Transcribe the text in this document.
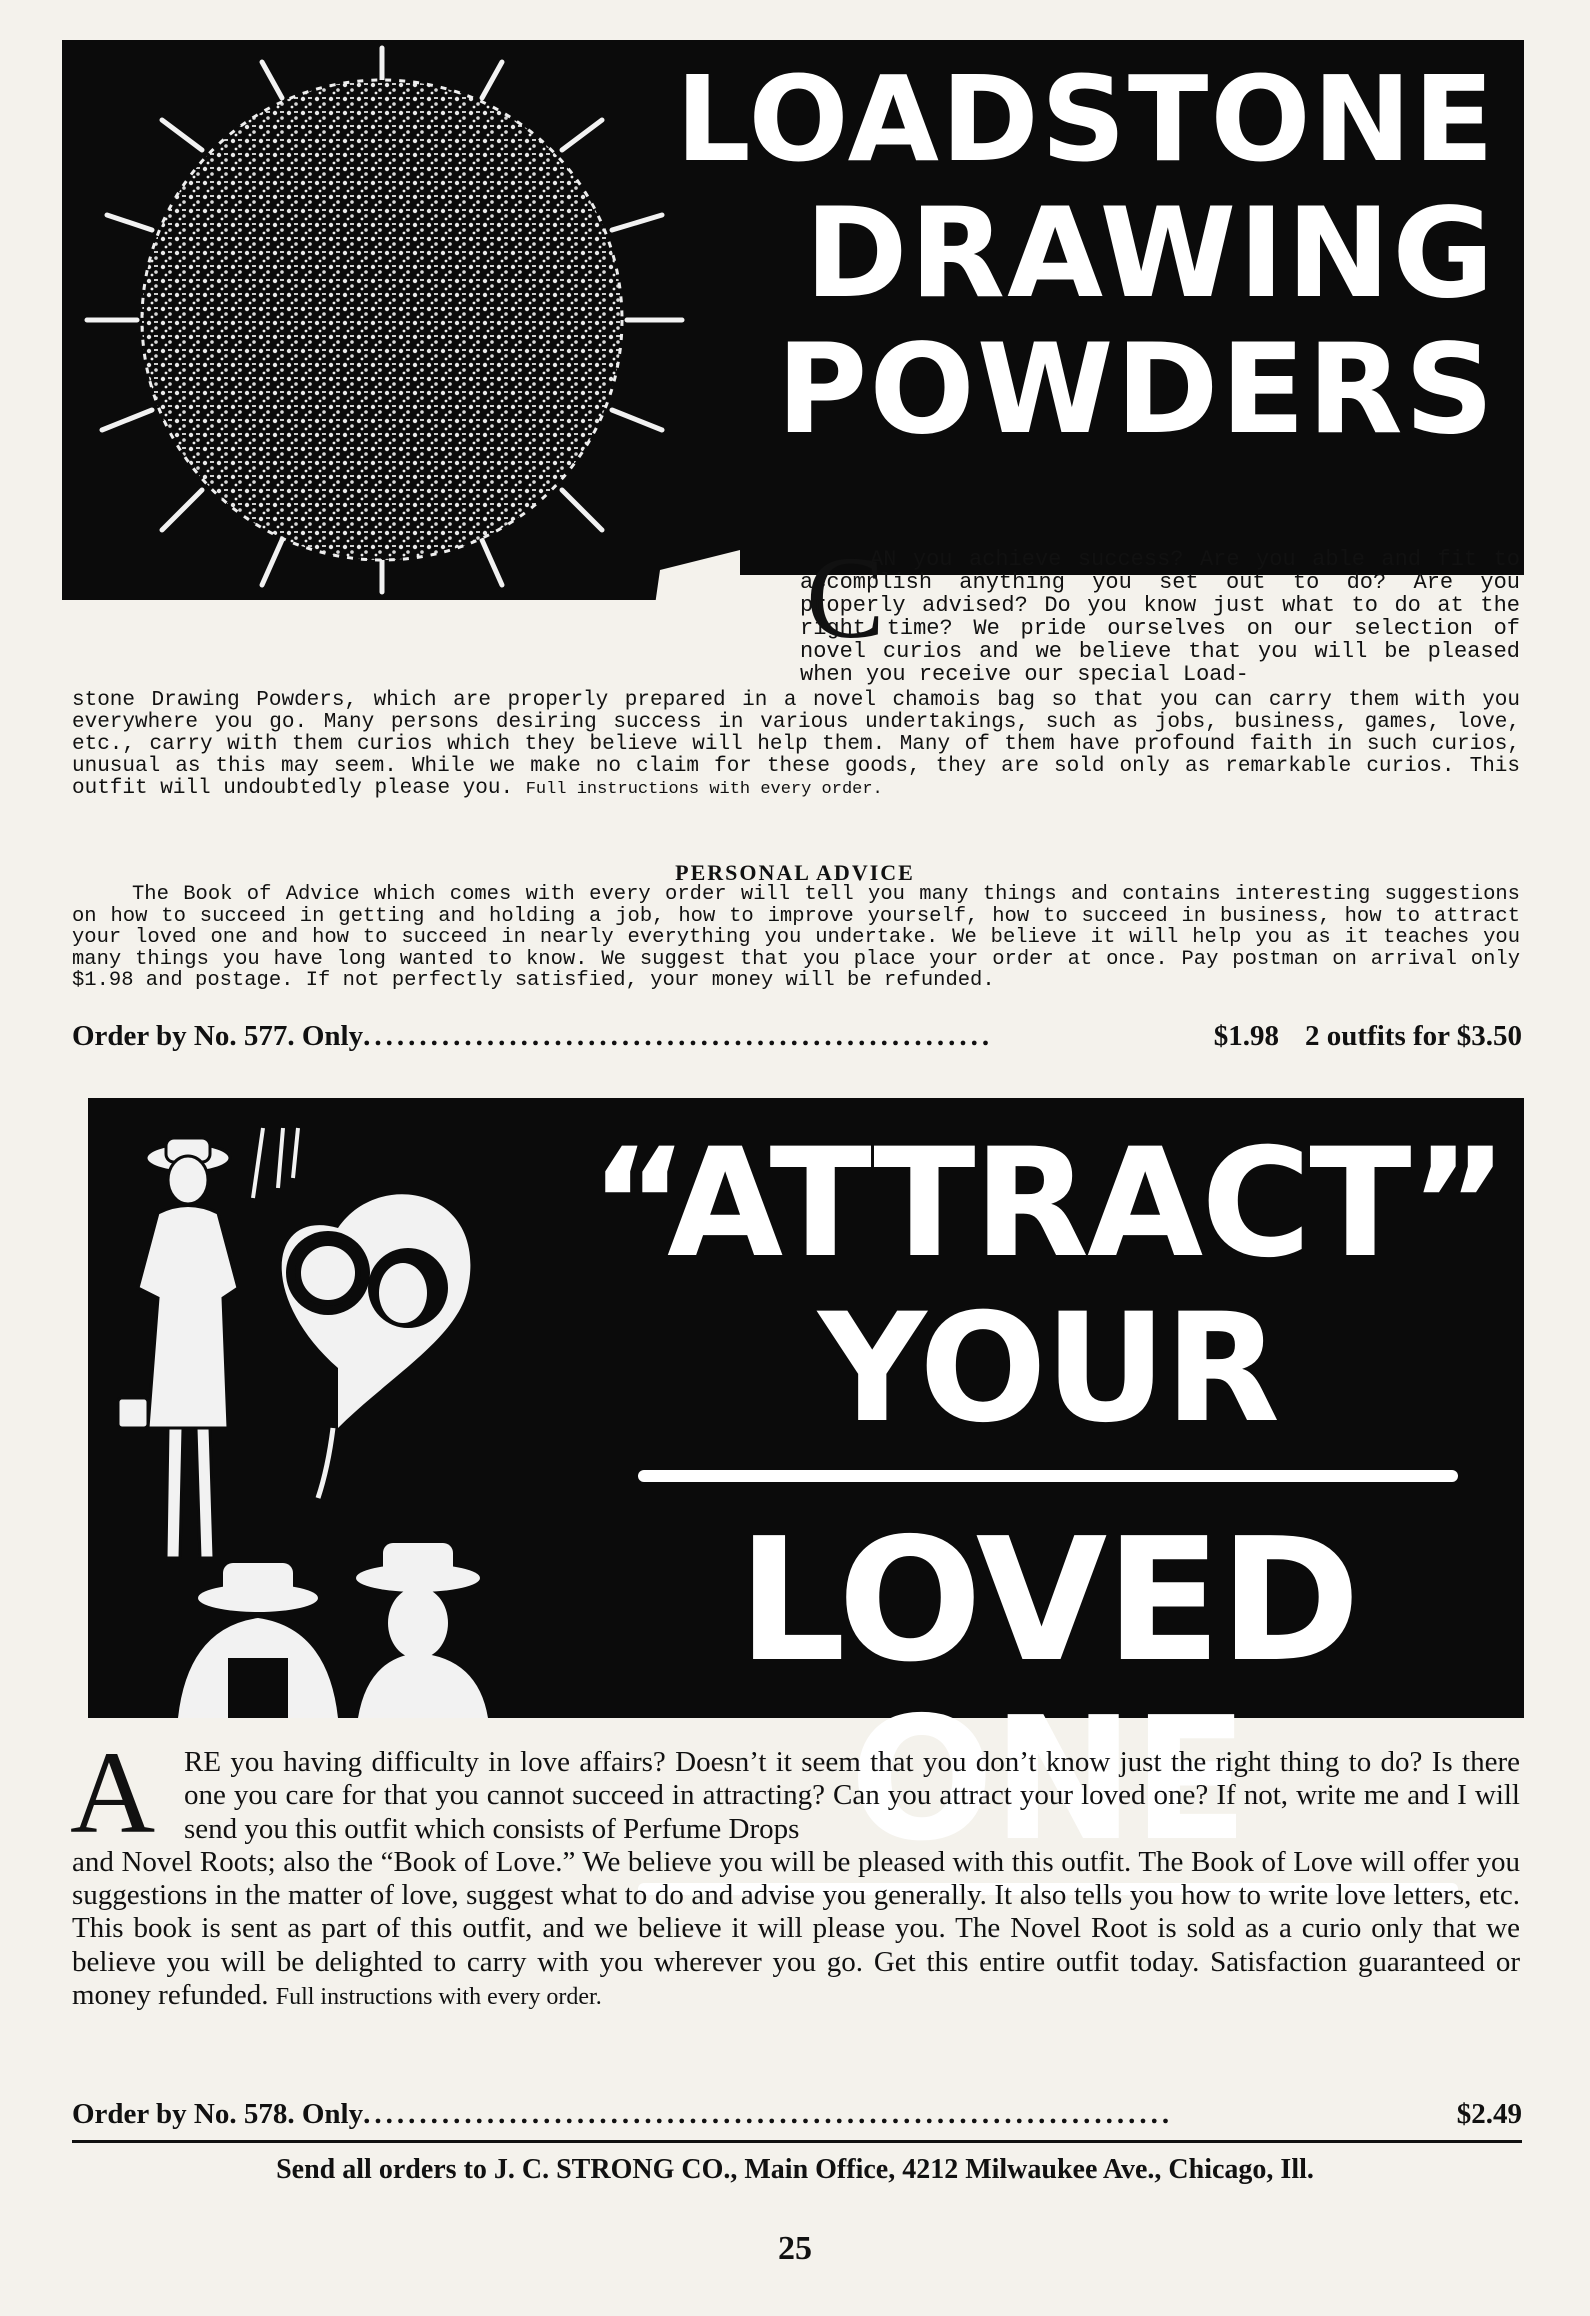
LOADSTONE
DRAWING
POWDERS
C
AN you achieve success? Are you able and fit to accomplish anything you set out to do? Are you properly advised? Do you know just what to do at the right time? We pride ourselves on our selection of novel curios and we believe that you will be pleased when you receive our special Load-
stone Drawing Powders, which are properly prepared in a novel chamois bag so that you can carry them with you everywhere you go. Many persons desiring success in various undertakings, such as jobs, business, games, love, etc., carry with them curios which they believe will help them. Many of them have profound faith in such curios, unusual as this may seem. While we make no claim for these goods, they are sold only as remarkable curios. This outfit will undoubtedly please you. Full instructions with every order.
PERSONAL ADVICE
The Book of Advice which comes with every order will tell you many things and contains interesting suggestions on how to succeed in getting and holding a job, how to improve yourself, how to succeed in business, how to attract your loved one and how to succeed in nearly everything you undertake. We believe it will help you as it teaches you many things you have long wanted to know. We suggest that you place your order at once. Pay postman on arrival only $1.98 and postage. If not perfectly satisfied, your money will be refunded.
Order by No. 577. Only ........................................................	$1.98 2 outfits for $3.50
“ATTRACT” YOUR
LOVED ONE
A RE you having difficulty in love affairs? Doesn’t it seem that you don’t know just the right thing to do? Is there one you care for that you cannot succeed in attracting? Can you attract your loved one? If not, write me and I will send you this outfit which consists of Perfume Drops
and Novel Roots; also the “Book of Love.” We believe you will be pleased with this outfit. The Book of Love will offer you suggestions in the matter of love, suggest what to do and advise you generally. It also tells you how to write love letters, etc. This book is sent as part of this outfit, and we believe it will please you. The Novel Root is sold as a curio only that we believe you will be delighted to carry with you wherever you go. Get this entire outfit today. Satisfaction guaranteed or money refunded. Full instructions with every order.
Order by No. 578. Only ........................................................................	$2.49
Send all orders to J. C. STRONG CO., Main Office, 4212 Milwaukee Ave., Chicago, Ill.
25
